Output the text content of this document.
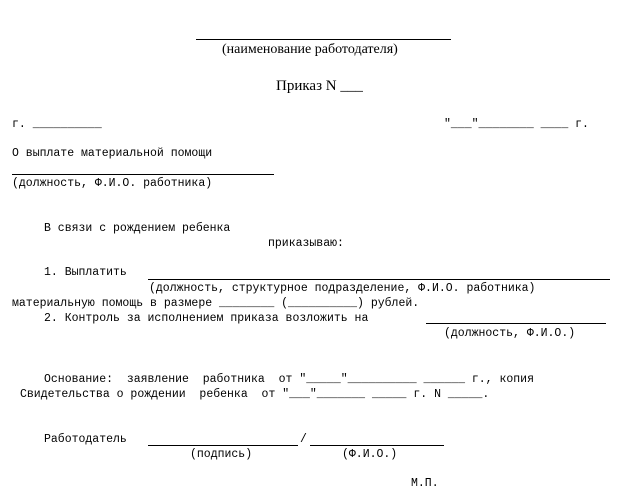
(наименование работодателя)
Приказ N ___
г. __________	"___"________ ____ г.
О выплате материальной помощи
(должность, Ф.И.О. работника)
В связи с рождением ребенка
приказываю:
1. Выплатить
(должность, структурное подразделение, Ф.И.О. работника)
материальную помощь в размере ________ (__________) рублей.
2. Контроль за исполнением приказа возложить на
(должность, Ф.И.О.)
Основание:  заявление  работника  от "_____"__________ ______ г., копия
Свидетельства о рождении  ребенка  от "___"_______ _____ г. N _____.
Работодатель	/
(подпись)	(Ф.И.О.)
М.П.
